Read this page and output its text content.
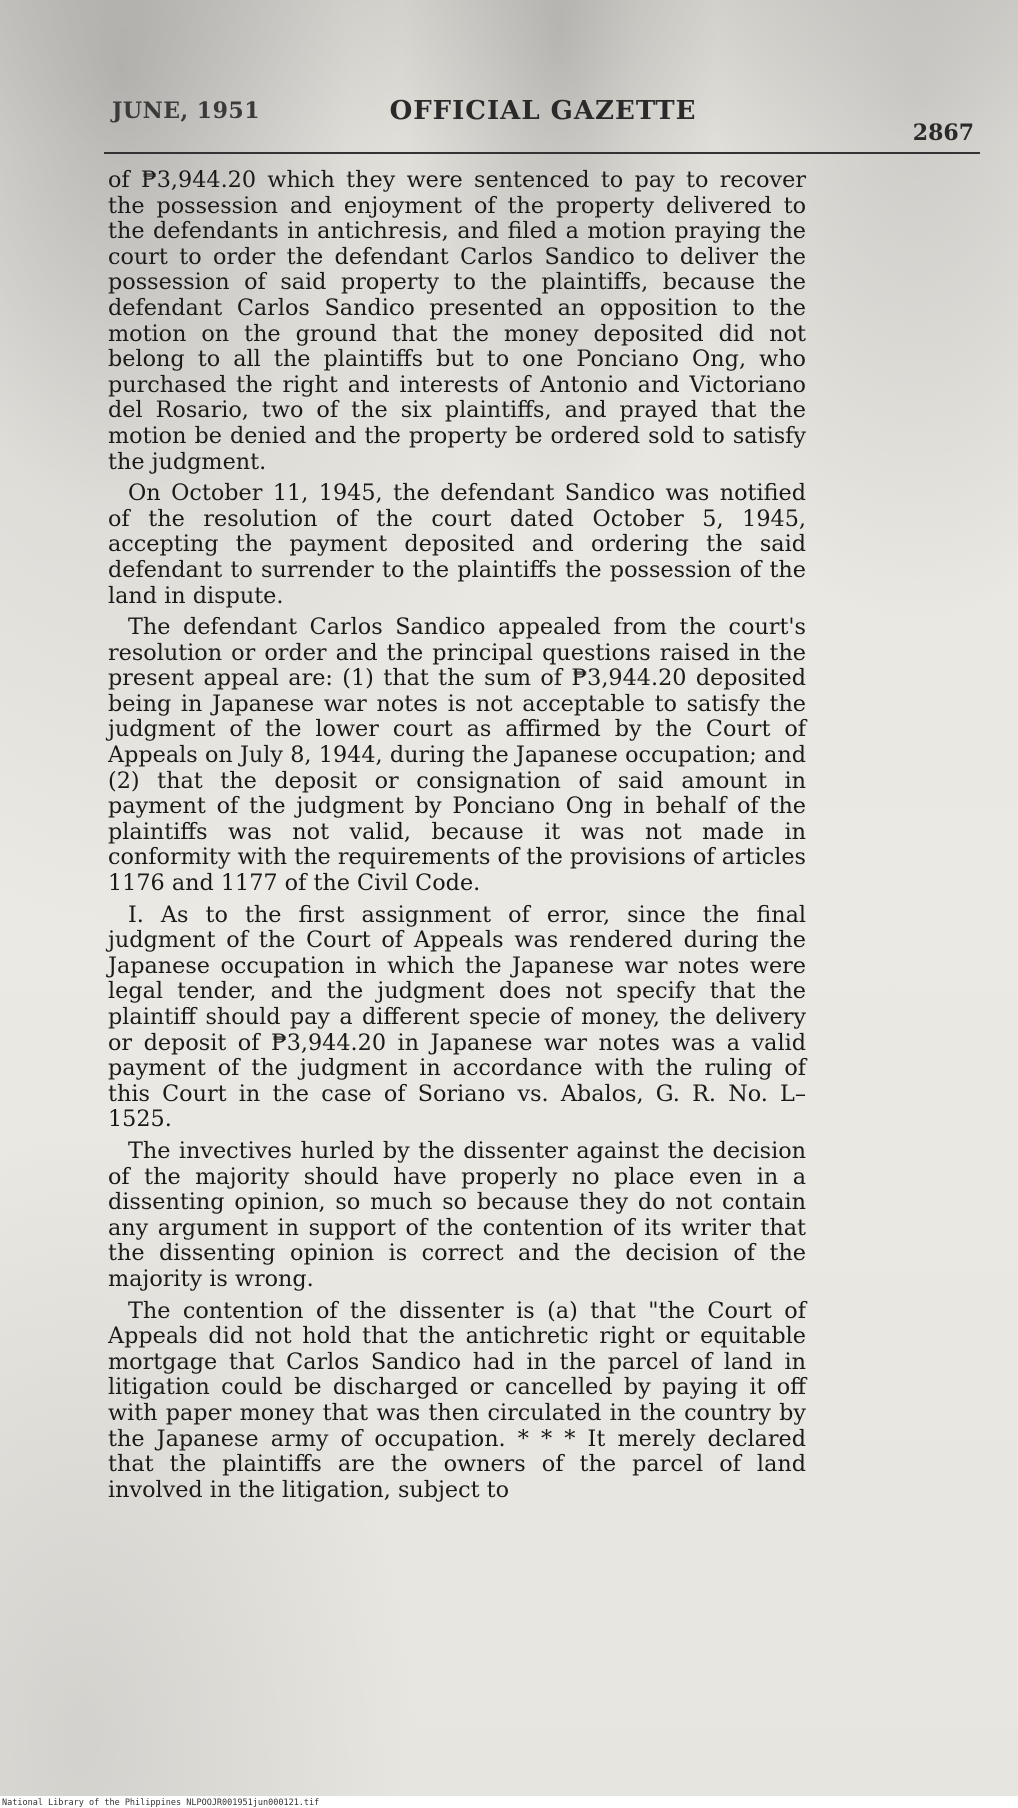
JUNE, 1951	OFFICIAL GAZETTE
2867

of ₱3,944.20 which they were sentenced to pay to recover the possession and enjoyment of the property delivered to the defendants in antichresis, and filed a motion praying the court to order the defendant Carlos Sandico to deliver the possession of said property to the plaintiffs, because the defendant Carlos Sandico presented an opposition to the motion on the ground that the money deposited did not belong to all the plaintiffs but to one Ponciano Ong, who purchased the right and interests of Antonio and Victoriano del Rosario, two of the six plaintiffs, and prayed that the motion be denied and the property be ordered sold to satisfy the judgment.

On October 11, 1945, the defendant Sandico was notified of the resolution of the court dated October 5, 1945, accepting the payment deposited and ordering the said defendant to surrender to the plaintiffs the possession of the land in dispute.

The defendant Carlos Sandico appealed from the court's resolution or order and the principal questions raised in the present appeal are: (1) that the sum of ₱3,944.20 deposited being in Japanese war notes is not acceptable to satisfy the judgment of the lower court as affirmed by the Court of Appeals on July 8, 1944, during the Japanese occupation; and (2) that the deposit or consignation of said amount in payment of the judgment by Ponciano Ong in behalf of the plaintiffs was not valid, because it was not made in conformity with the requirements of the provisions of articles 1176 and 1177 of the Civil Code.

I. As to the first assignment of error, since the final judgment of the Court of Appeals was rendered during the Japanese occupation in which the Japanese war notes were legal tender, and the judgment does not specify that the plaintiff should pay a different specie of money, the delivery or deposit of ₱3,944.20 in Japanese war notes was a valid payment of the judgment in accordance with the ruling of this Court in the case of Soriano vs. Abalos, G. R. No. L–1525.

The invectives hurled by the dissenter against the decision of the majority should have properly no place even in a dissenting opinion, so much so because they do not contain any argument in support of the contention of its writer that the dissenting opinion is correct and the decision of the majority is wrong.

The contention of the dissenter is (a) that "the Court of Appeals did not hold that the antichretic right or equitable mortgage that Carlos Sandico had in the parcel of land in litigation could be discharged or cancelled by paying it off with paper money that was then circulated in the country by the Japanese army of occupation. * * * It merely declared that the plaintiffs are the owners of the parcel of land involved in the litigation, subject to

National Library of the Philippines NLPOOJR001951jun000121.tif
